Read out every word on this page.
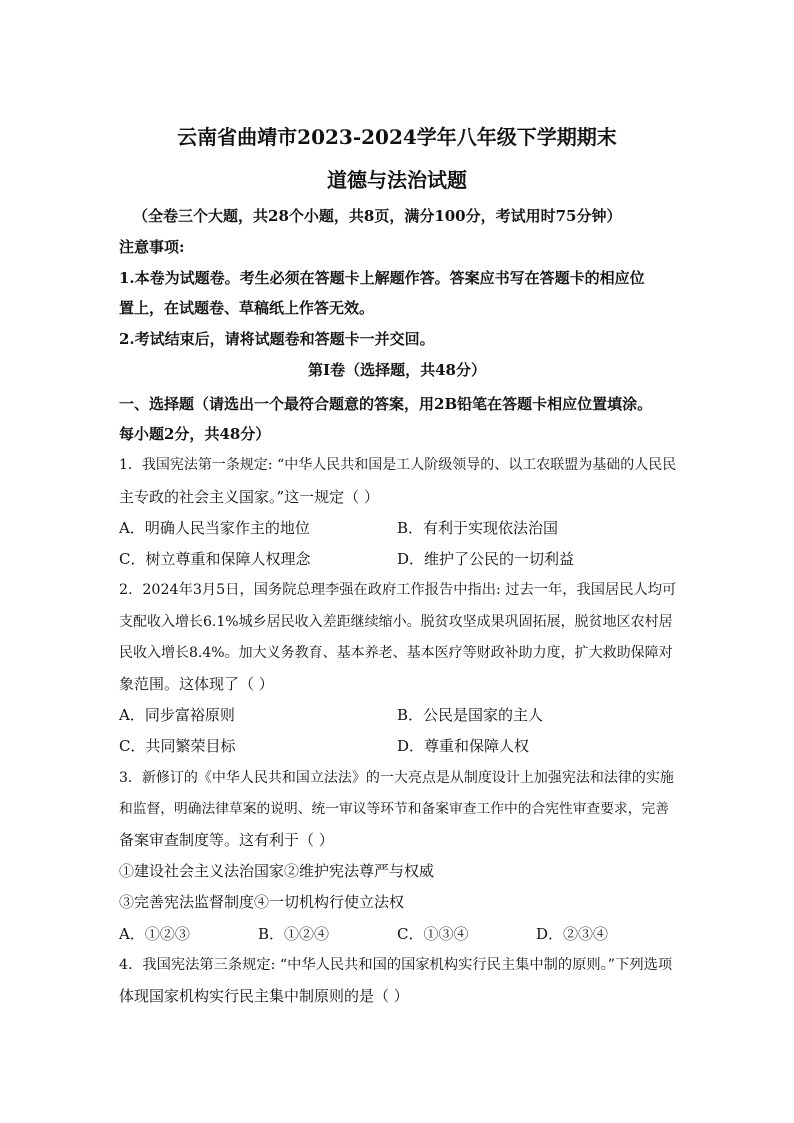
云南省曲靖市2023-2024学年八年级下学期期末
道德与法治试题
（全卷三个大题，共28个小题，共8页，满分100分，考试用时75分钟）
注意事项:
1.本卷为试题卷。考生必须在答题卡上解题作答。答案应书写在答题卡的相应位
置上，在试题卷、草稿纸上作答无效。
2.考试结束后，请将试题卷和答题卡一并交回。
第Ⅰ卷（选择题，共48分）
一、选择题（请选出一个最符合题意的答案，用2B铅笔在答题卡相应位置填涂。
每小题2分，共48分）
1．我国宪法第一条规定: “中华人民共和国是工人阶级领导的、以工农联盟为基础的人民民
主专政的社会主义国家。”这一规定（ ）
A．明确人民当家作主的地位	B．有利于实现依法治国
C．树立尊重和保障人权理念	D．维护了公民的一切利益
2．2024年3月5日，国务院总理李强在政府工作报告中指出: 过去一年，我国居民人均可
支配收入增长6.1%城乡居民收入差距继续缩小。脱贫攻坚成果巩固拓展，脱贫地区农村居
民收入增长8.4%。加大义务教育、基本养老、基本医疗等财政补助力度，扩大救助保障对
象范围。这体现了（ ）
A．同步富裕原则	B．公民是国家的主人
C．共同繁荣目标	D．尊重和保障人权
3．新修订的《中华人民共和国立法法》的一大亮点是从制度设计上加强宪法和法律的实施
和监督，明确法律草案的说明、统一审议等环节和备案审查工作中的合宪性审查要求，完善
备案审查制度等。这有利于（ ）
①建设社会主义法治国家②维护宪法尊严与权威
③完善宪法监督制度④一切机构行使立法权
A．①②③	B．①②④	C．①③④	D．②③④
4．我国宪法第三条规定: “中华人民共和国的国家机构实行民主集中制的原则。”下列选项
体现国家机构实行民主集中制原则的是（ ）
